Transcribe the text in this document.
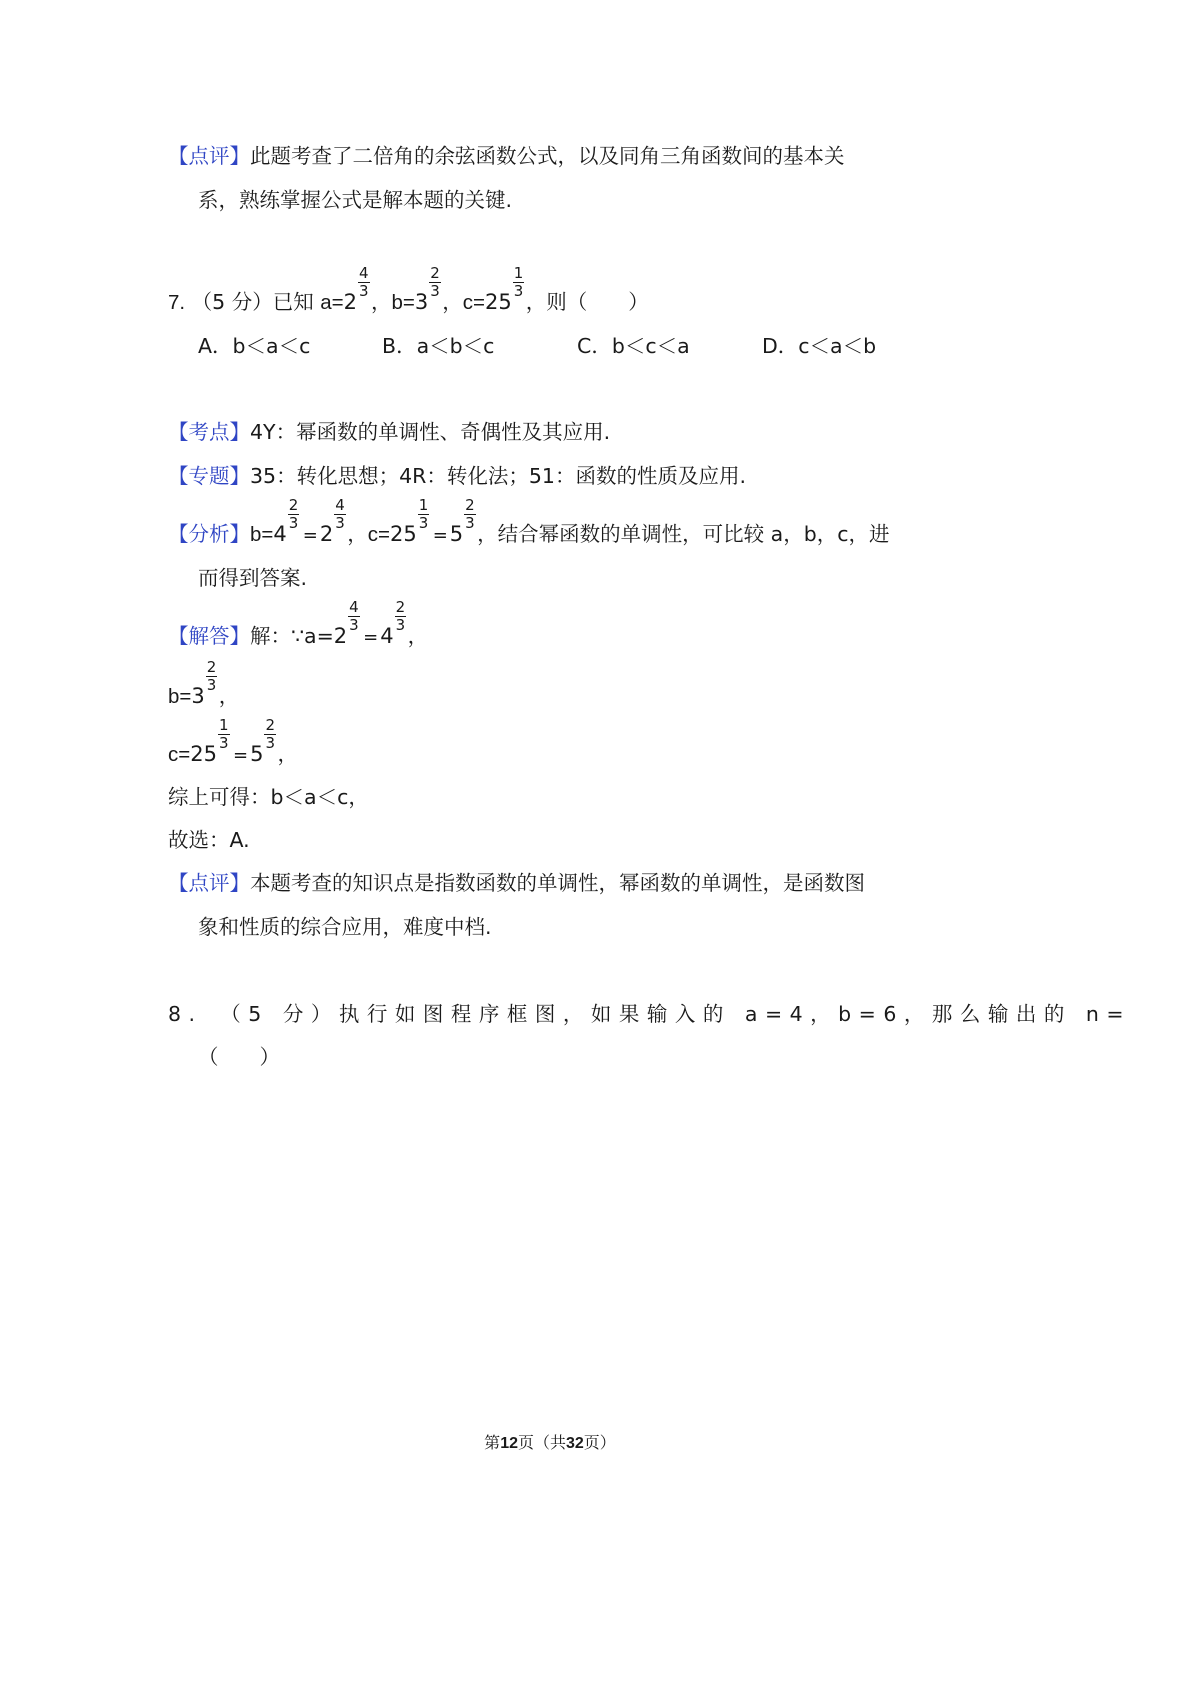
【点评】此题考查了二倍角的余弦函数公式，以及同角三角函数间的基本关
系，熟练掌握公式是解本题的关键.
7. （5 分）已知 a=2
$\frac{4}{3}$
，b=3
$\frac{2}{3}$
，c=25
$\frac{1}{3}$
，则（　　）
A．b＜a＜c	B．a＜b＜c	C．b＜c＜a	D．c＜a＜b
【考点】4Y：幂函数的单调性、奇偶性及其应用.
【专题】35：转化思想；4R：转化法；51：函数的性质及应用.
【分析】b=4
$\frac{2}{3}$
=2
$\frac{4}{3}$
，c=25
$\frac{1}{3}$
=5
$\frac{2}{3}$
，结合幂函数的单调性，可比较 a，b，c，进
而得到答案.
【解答】解：∵a=2
$\frac{4}{3}$
=4
$\frac{2}{3}$
，
b=3
$\frac{2}{3}$
，
c=25
$\frac{1}{3}$
=5
$\frac{2}{3}$
，
综上可得：b＜a＜c，
故选：A.
【点评】本题考查的知识点是指数函数的单调性，幂函数的单调性，是函数图
象和性质的综合应用，难度中档.
8.　（5 分）执行如图程序框图，如果输入的 a=4，b=6，那么输出的 n=
（　　）
第12页（共32页）
